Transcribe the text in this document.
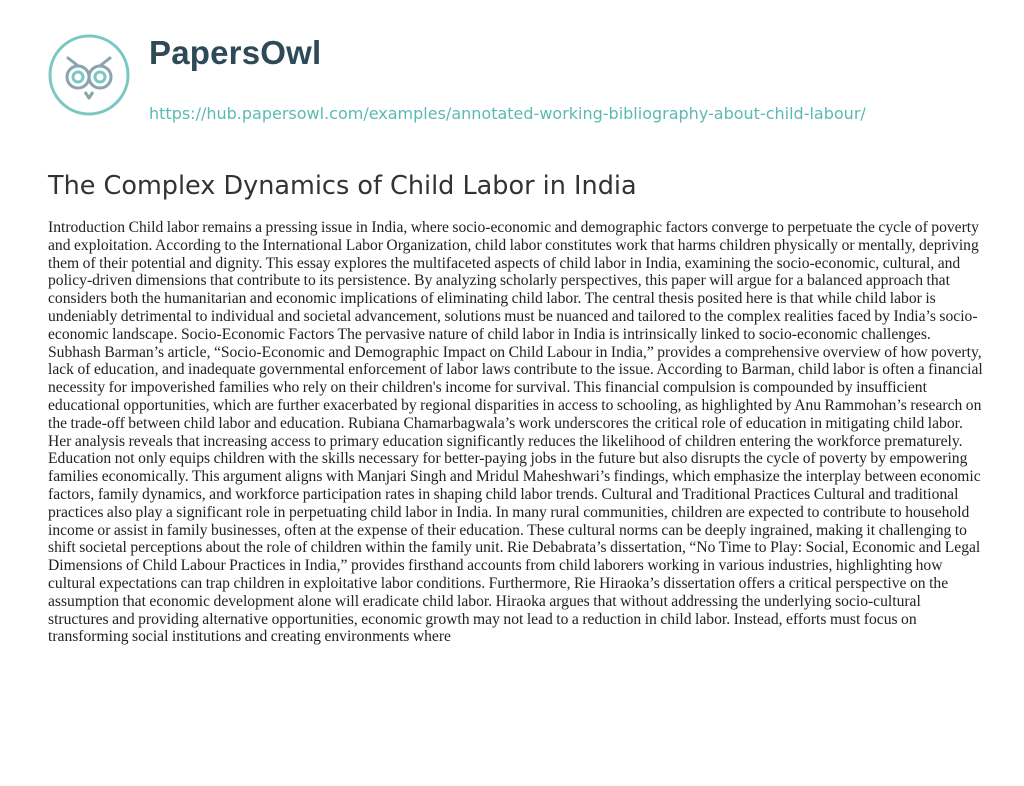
PapersOwl
https://hub.papersowl.com/examples/annotated-working-bibliography-about-child-labour/
The Complex Dynamics of Child Labor in India

Introduction Child labor remains a pressing issue in India, where socio-economic and demographic factors converge to perpetuate the cycle of poverty and exploitation. According to the International Labor Organization, child labor constitutes work that harms children physically or mentally, depriving them of their potential and dignity. This essay explores the multifaceted aspects of child labor in India, examining the socio-economic, cultural, and policy-driven dimensions that contribute to its persistence. By analyzing scholarly perspectives, this paper will argue for a balanced approach that considers both the humanitarian and economic implications of eliminating child labor. The central thesis posited here is that while child labor is undeniably detrimental to individual and societal advancement, solutions must be nuanced and tailored to the complex realities faced by India’s socio-economic landscape. Socio-Economic Factors The pervasive nature of child labor in India is intrinsically linked to socio-economic challenges. Subhash Barman’s article, “Socio-Economic and Demographic Impact on Child Labour in India,” provides a comprehensive overview of how poverty, lack of education, and inadequate governmental enforcement of labor laws contribute to the issue. According to Barman, child labor is often a financial necessity for impoverished families who rely on their children's income for survival. This financial compulsion is compounded by insufficient educational opportunities, which are further exacerbated by regional disparities in access to schooling, as highlighted by Anu Rammohan’s research on the trade-off between child labor and education. Rubiana Chamarbagwala’s work underscores the critical role of education in mitigating child labor. Her analysis reveals that increasing access to primary education significantly reduces the likelihood of children entering the workforce prematurely. Education not only equips children with the skills necessary for better-paying jobs in the future but also disrupts the cycle of poverty by empowering families economically. This argument aligns with Manjari Singh and Mridul Maheshwari’s findings, which emphasize the interplay between economic factors, family dynamics, and workforce participation rates in shaping child labor trends. Cultural and Traditional Practices Cultural and traditional practices also play a significant role in perpetuating child labor in India. In many rural communities, children are expected to contribute to household income or assist in family businesses, often at the expense of their education. These cultural norms can be deeply ingrained, making it challenging to shift societal perceptions about the role of children within the family unit. Rie Debabrata’s dissertation, “No Time to Play: Social, Economic and Legal Dimensions of Child Labour Practices in India,” provides firsthand accounts from child laborers working in various industries, highlighting how cultural expectations can trap children in exploitative labor conditions. Furthermore, Rie Hiraoka’s dissertation offers a critical perspective on the assumption that economic development alone will eradicate child labor. Hiraoka argues that without addressing the underlying socio-cultural structures and providing alternative opportunities, economic growth may not lead to a reduction in child labor. Instead, efforts must focus on transforming social institutions and creating environments where
